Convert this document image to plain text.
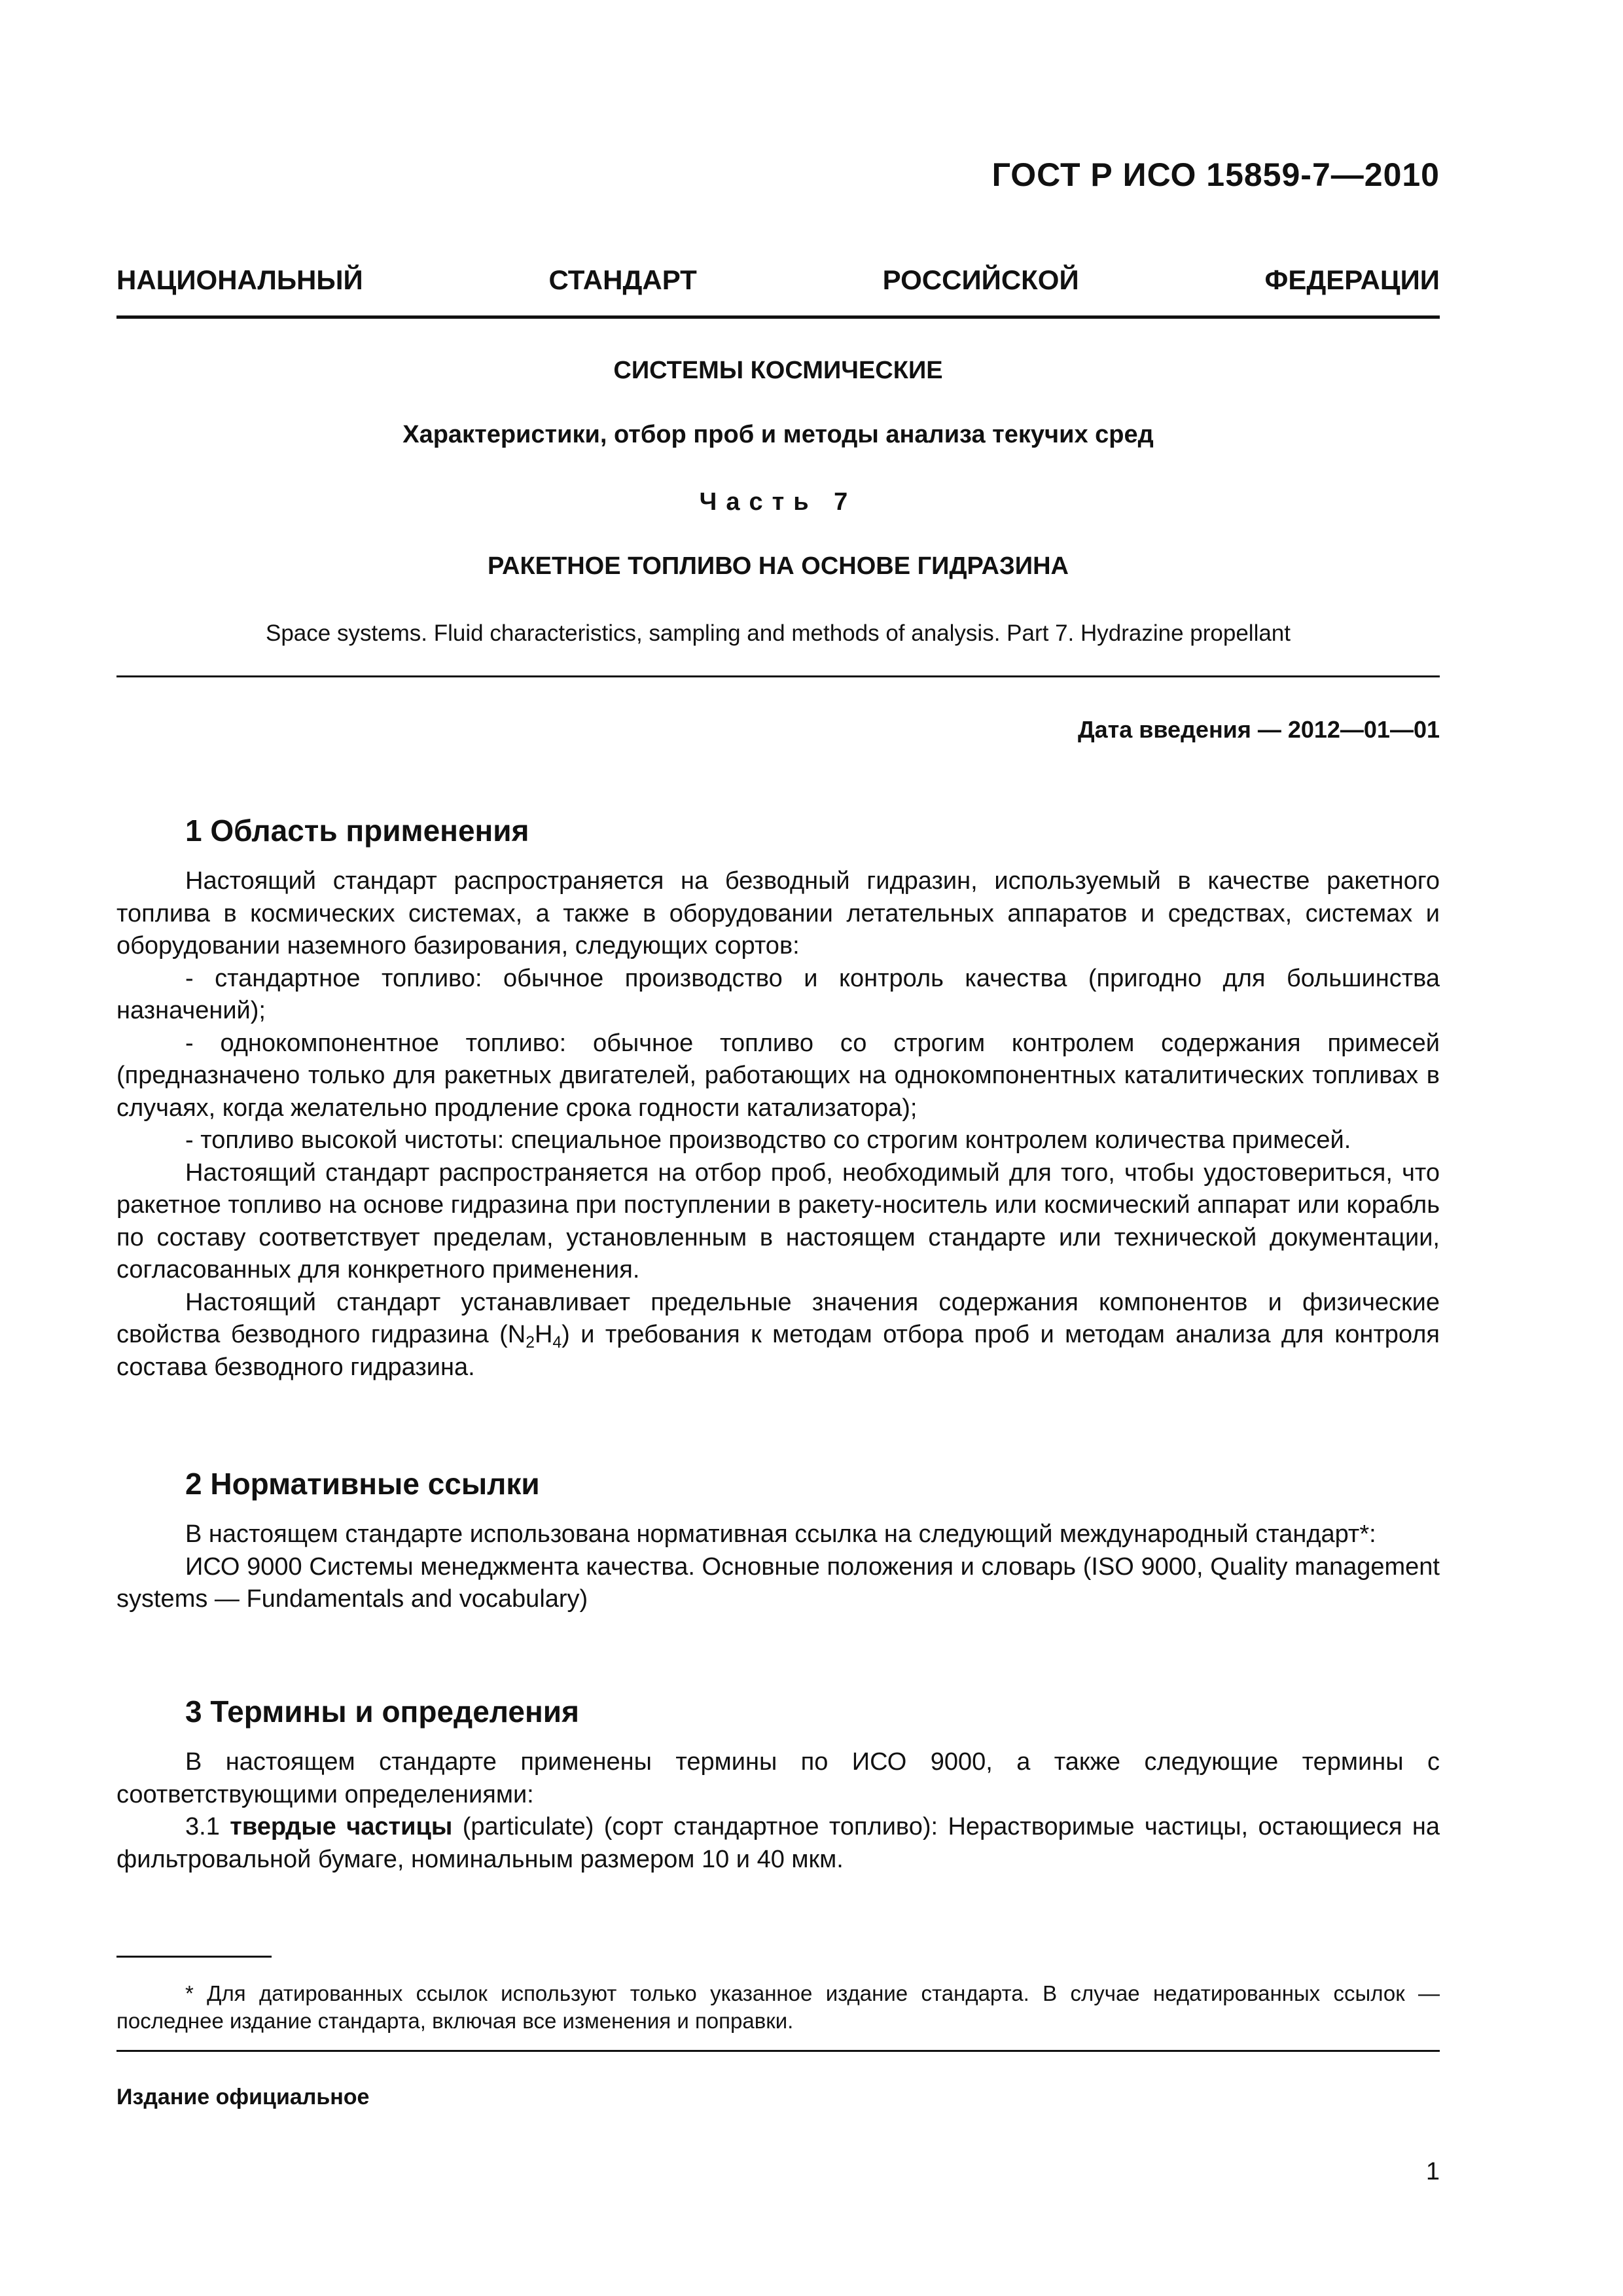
ГОСТ Р ИСО 15859-7—2010
НАЦИОНАЛЬНЫЙ	СТАНДАРТ	РОССИЙСКОЙ	ФЕДЕРАЦИИ
СИСТЕМЫ КОСМИЧЕСКИЕ
Характеристики, отбор проб и методы анализа текучих сред
Часть 7
РАКЕТНОЕ ТОПЛИВО НА ОСНОВЕ ГИДРАЗИНА
Space systems. Fluid characteristics, sampling and methods of analysis. Part 7. Hydrazine propellant
Дата введения — 2012—01—01
1 Область применения

Настоящий стандарт распространяется на безводный гидразин, используемый в качестве ракетного топлива в космических системах, а также в оборудовании летательных аппаратов и средствах, системах и оборудовании наземного базирования, следующих сортов:

- стандартное топливо: обычное производство и контроль качества (пригодно для большинства назначений);

- однокомпонентное топливо: обычное топливо со строгим контролем содержания примесей (предназначено только для ракетных двигателей, работающих на однокомпонентных каталитических топливах в случаях, когда желательно продление срока годности катализатора);

- топливо высокой чистоты: специальное производство со строгим контролем количества примесей.

Настоящий стандарт распространяется на отбор проб, необходимый для того, чтобы удостовериться, что ракетное топливо на основе гидразина при поступлении в ракету-носитель или космический аппарат или корабль по составу соответствует пределам, установленным в настоящем стандарте или технической документации, согласованных для конкретного применения.

Настоящий стандарт устанавливает предельные значения содержания компонентов и физические свойства безводного гидразина $(N_2H_4)$ и требования к методам отбора проб и методам анализа для контроля состава безводного гидразина.

2 Нормативные ссылки

В настоящем стандарте использована нормативная ссылка на следующий международный стандарт*:

ИСО 9000 Системы менеджмента качества. Основные положения и словарь (ISO 9000, Quality management systems — Fundamentals and vocabulary)

3 Термины и определения

В настоящем стандарте применены термины по ИСО 9000, а также следующие термины с соответствующими определениями:

3.1 твердые частицы (particulate) (сорт стандартное топливо): Нерастворимые частицы, остающиеся на фильтровальной бумаге, номинальным размером 10 и 40 мкм.

* Для датированных ссылок используют только указанное издание стандарта. В случае недатированных ссылок — последнее издание стандарта, включая все изменения и поправки.

Издание официальное
1
